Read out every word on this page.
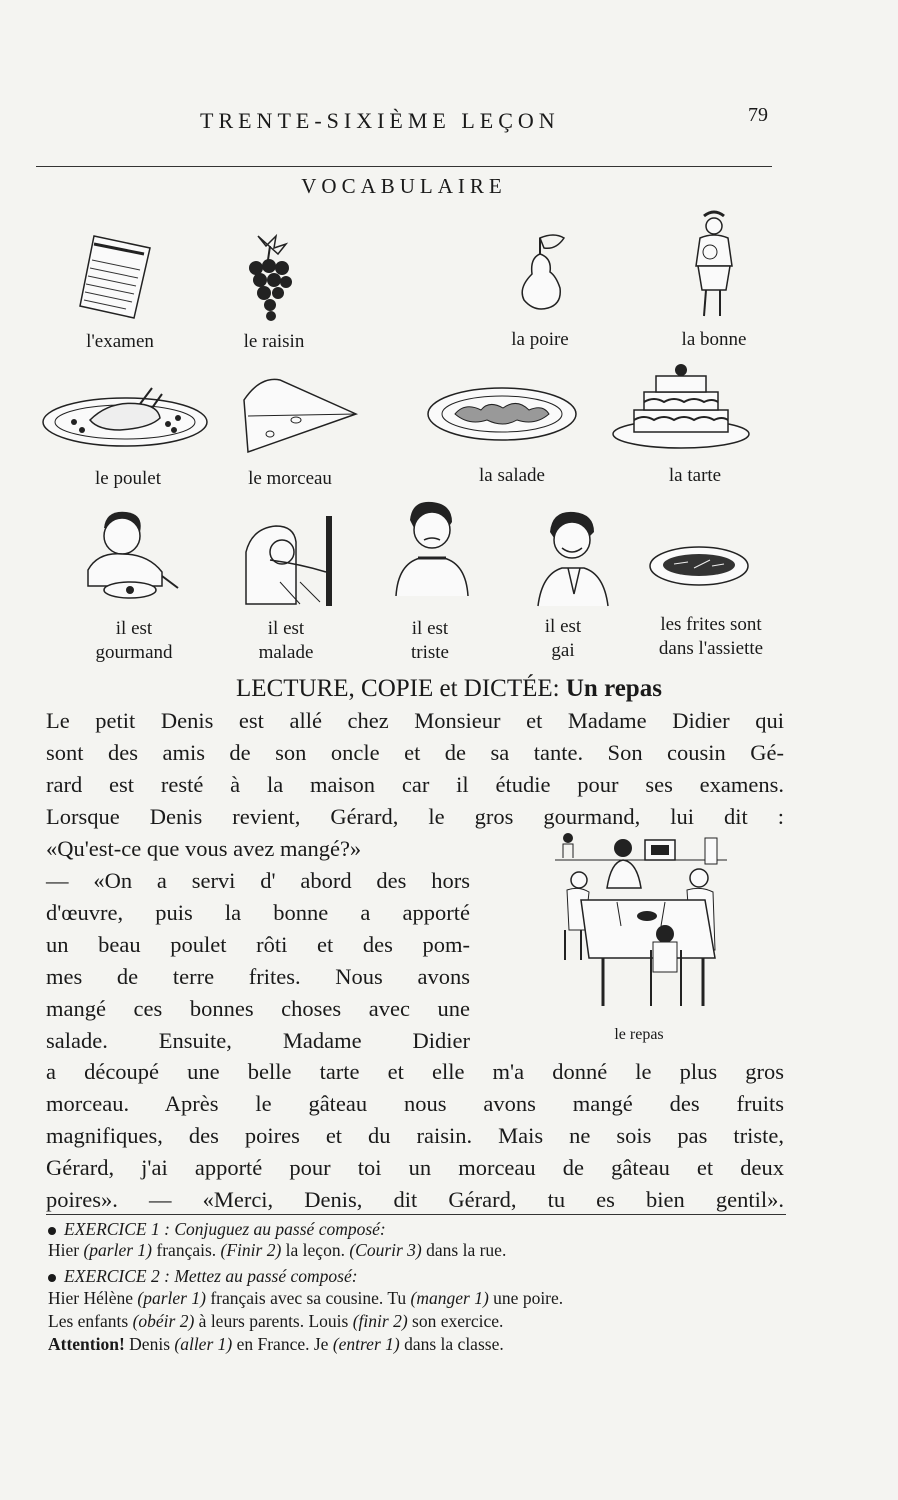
TRENTE-SIXIÈME LEÇON	79
VOCABULAIRE
l'examen	le raisin	la poire	la bonne
le poulet	le morceau	la salade	la tarte
il est
gourmand
il est
malade
il est
triste
il est
gai
les frites sont
dans l'assiette
LECTURE, COPIE et DICTÉE: Un repas
Le petit Denis est allé chez Monsieur et Madame Didier qui
sont des amis de son oncle et de sa tante. Son cousin Gé-
rard est resté à la maison car il étudie pour ses examens.
Lorsque Denis revient, Gérard, le gros gourmand, lui dit :
«Qu'est-ce que vous avez mangé?»
— «On a servi d' abord des hors
d'œuvre, puis la bonne a apporté
un beau poulet rôti et des pom-
mes de terre frites. Nous avons
mangé ces bonnes choses avec une
salade. Ensuite, Madame Didier
a découpé une belle tarte et elle m'a donné le plus gros
morceau. Après le gâteau nous avons mangé des fruits
magnifiques, des poires et du raisin. Mais ne sois pas triste,
Gérard, j'ai apporté pour toi un morceau de gâteau et deux
poires». — «Merci, Denis, dit Gérard, tu es bien gentil».
le repas
EXERCICE 1 : Conjuguez au passé composé:
Hier (parler 1) français. (Finir 2) la leçon. (Courir 3) dans la rue.
EXERCICE 2 : Mettez au passé composé:
Hier Hélène (parler 1) français avec sa cousine. Tu (manger 1) une poire.
Les enfants (obéir 2) à leurs parents. Louis (finir 2) son exercice.
Attention! Denis (aller 1) en France. Je (entrer 1) dans la classe.
